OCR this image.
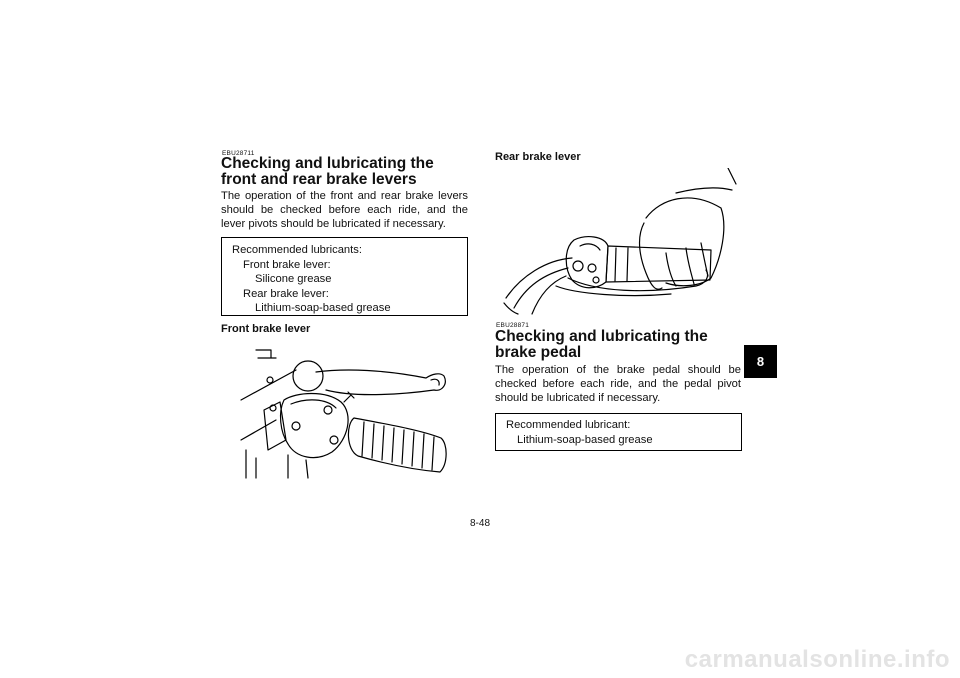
EBU28711
Checking and lubricating the front and rear brake levers

The operation of the front and rear brake levers should be checked before each ride, and the lever pivots should be lubricated if necessary.

Recommended lubricants:
Front brake lever:
Silicone grease
Rear brake lever:
Lithium-soap-based grease
Front brake lever
Rear brake lever
EBU28871
Checking and lubricating the brake pedal

The operation of the brake pedal should be checked before each ride, and the pedal pivot should be lubricated if necessary.

Recommended lubricant:
Lithium-soap-based grease
8
8-48
carmanualsonline.info
